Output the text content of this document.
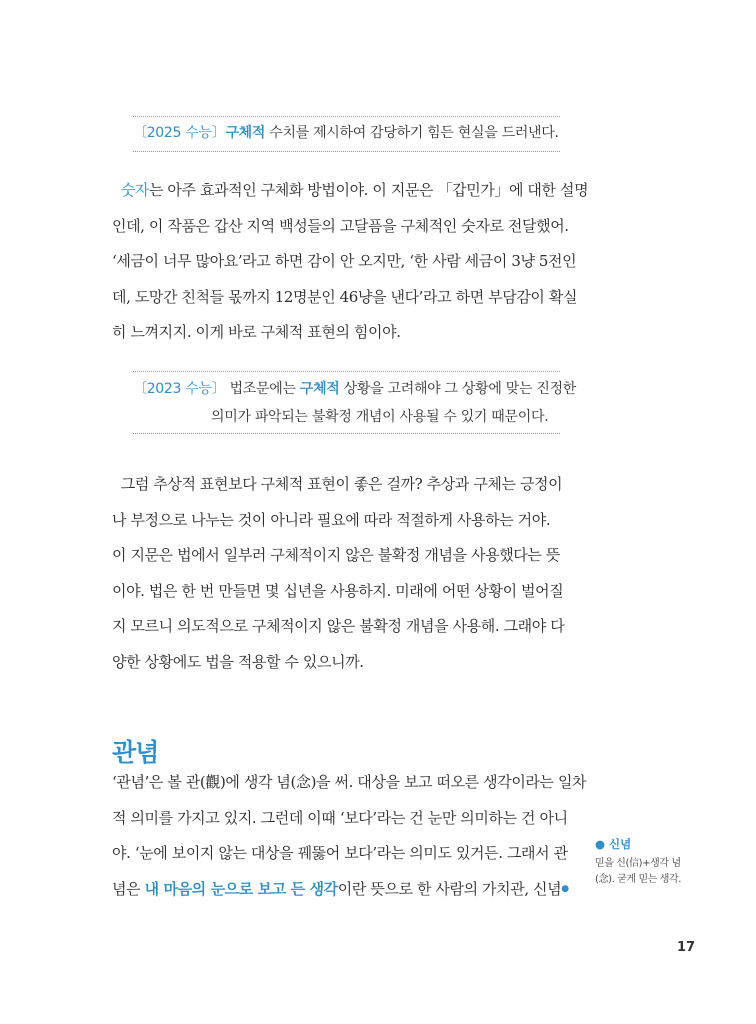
〔2025 수능〕구체적 수치를 제시하여 감당하기 힘든 현실을 드러낸다.
숫자는 아주 효과적인 구체화 방법이야. 이 지문은 「갑민가」에 대한 설명
인데, 이 작품은 갑산 지역 백성들의 고달픔을 구체적인 숫자로 전달했어.
‘세금이 너무 많아요’라고 하면 감이 안 오지만, ‘한 사람 세금이 3냥 5전인
데, 도망간 친척들 몫까지 12명분인 46냥을 낸다’라고 하면 부담감이 확실
히 느껴지지. 이게 바로 구체적 표현의 힘이야.
〔2023 수능〕 법조문에는 구체적 상황을 고려해야 그 상황에 맞는 진정한
의미가 파악되는 불확정 개념이 사용될 수 있기 때문이다.
그럼 추상적 표현보다 구체적 표현이 좋은 걸까? 추상과 구체는 긍정이
나 부정으로 나누는 것이 아니라 필요에 따라 적절하게 사용하는 거야.
이 지문은 법에서 일부러 구체적이지 않은 불확정 개념을 사용했다는 뜻
이야. 법은 한 번 만들면 몇 십년을 사용하지. 미래에 어떤 상황이 벌어질
지 모르니 의도적으로 구체적이지 않은 불확정 개념을 사용해. 그래야 다
양한 상황에도 법을 적용할 수 있으니까.
관념
‘관념’은 볼 관(觀)에 생각 념(念)을 써. 대상을 보고 떠오른 생각이라는 일차
적 의미를 가지고 있지. 그런데 이때 ‘보다’라는 건 눈만 의미하는 건 아니
야. ‘눈에 보이지 않는 대상을 꿰뚫어 보다’라는 의미도 있거든. 그래서 관
념은 내 마음의 눈으로 보고 든 생각이란 뜻으로 한 사람의 가치관, 신념●
● 신념
믿을 신(信)+생각 념
(念). 굳게 믿는 생각.
17
